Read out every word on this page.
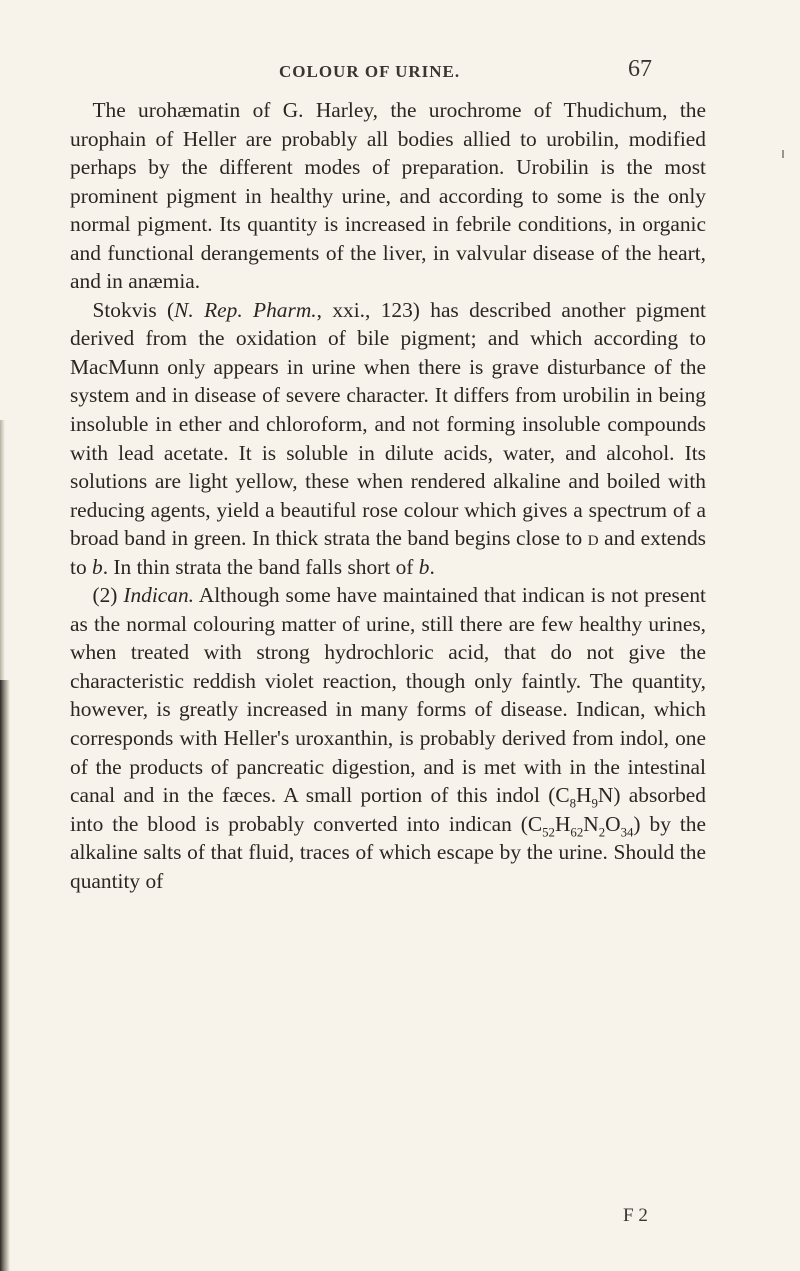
COLOUR OF URINE.	67

The urohæmatin of G. Harley, the urochrome of Thudichum, the urophain of Heller are probably all bodies allied to urobilin, modified perhaps by the different modes of preparation. Urobilin is the most prominent pigment in healthy urine, and according to some is the only normal pigment. Its quantity is increased in febrile conditions, in organic and functional derangements of the liver, in valvular disease of the heart, and in anæmia.

Stokvis (N. Rep. Pharm., xxi., 123) has described another pigment derived from the oxidation of bile pigment; and which according to MacMunn only appears in urine when there is grave disturbance of the system and in disease of severe character. It differs from urobilin in being insoluble in ether and chloroform, and not forming insoluble compounds with lead acetate. It is soluble in dilute acids, water, and alcohol. Its solutions are light yellow, these when rendered alkaline and boiled with reducing agents, yield a beautiful rose colour which gives a spectrum of a broad band in green. In thick strata the band begins close to d and extends to b. In thin strata the band falls short of b.

(2) Indican. Although some have maintained that indican is not present as the normal colouring matter of urine, still there are few healthy urines, when treated with strong hydrochloric acid, that do not give the characteristic reddish violet reaction, though only faintly. The quantity, however, is greatly increased in many forms of disease. Indican, which corresponds with Heller's uroxanthin, is probably derived from indol, one of the products of pancreatic digestion, and is met with in the intestinal canal and in the fæces. A small portion of this indol $(C_8H_9N)$ absorbed into the blood is probably converted into indican $(C_{52}H_{62}N_2O_{34})$ by the alkaline salts of that fluid, traces of which escape by the urine. Should the quantity of

F 2
